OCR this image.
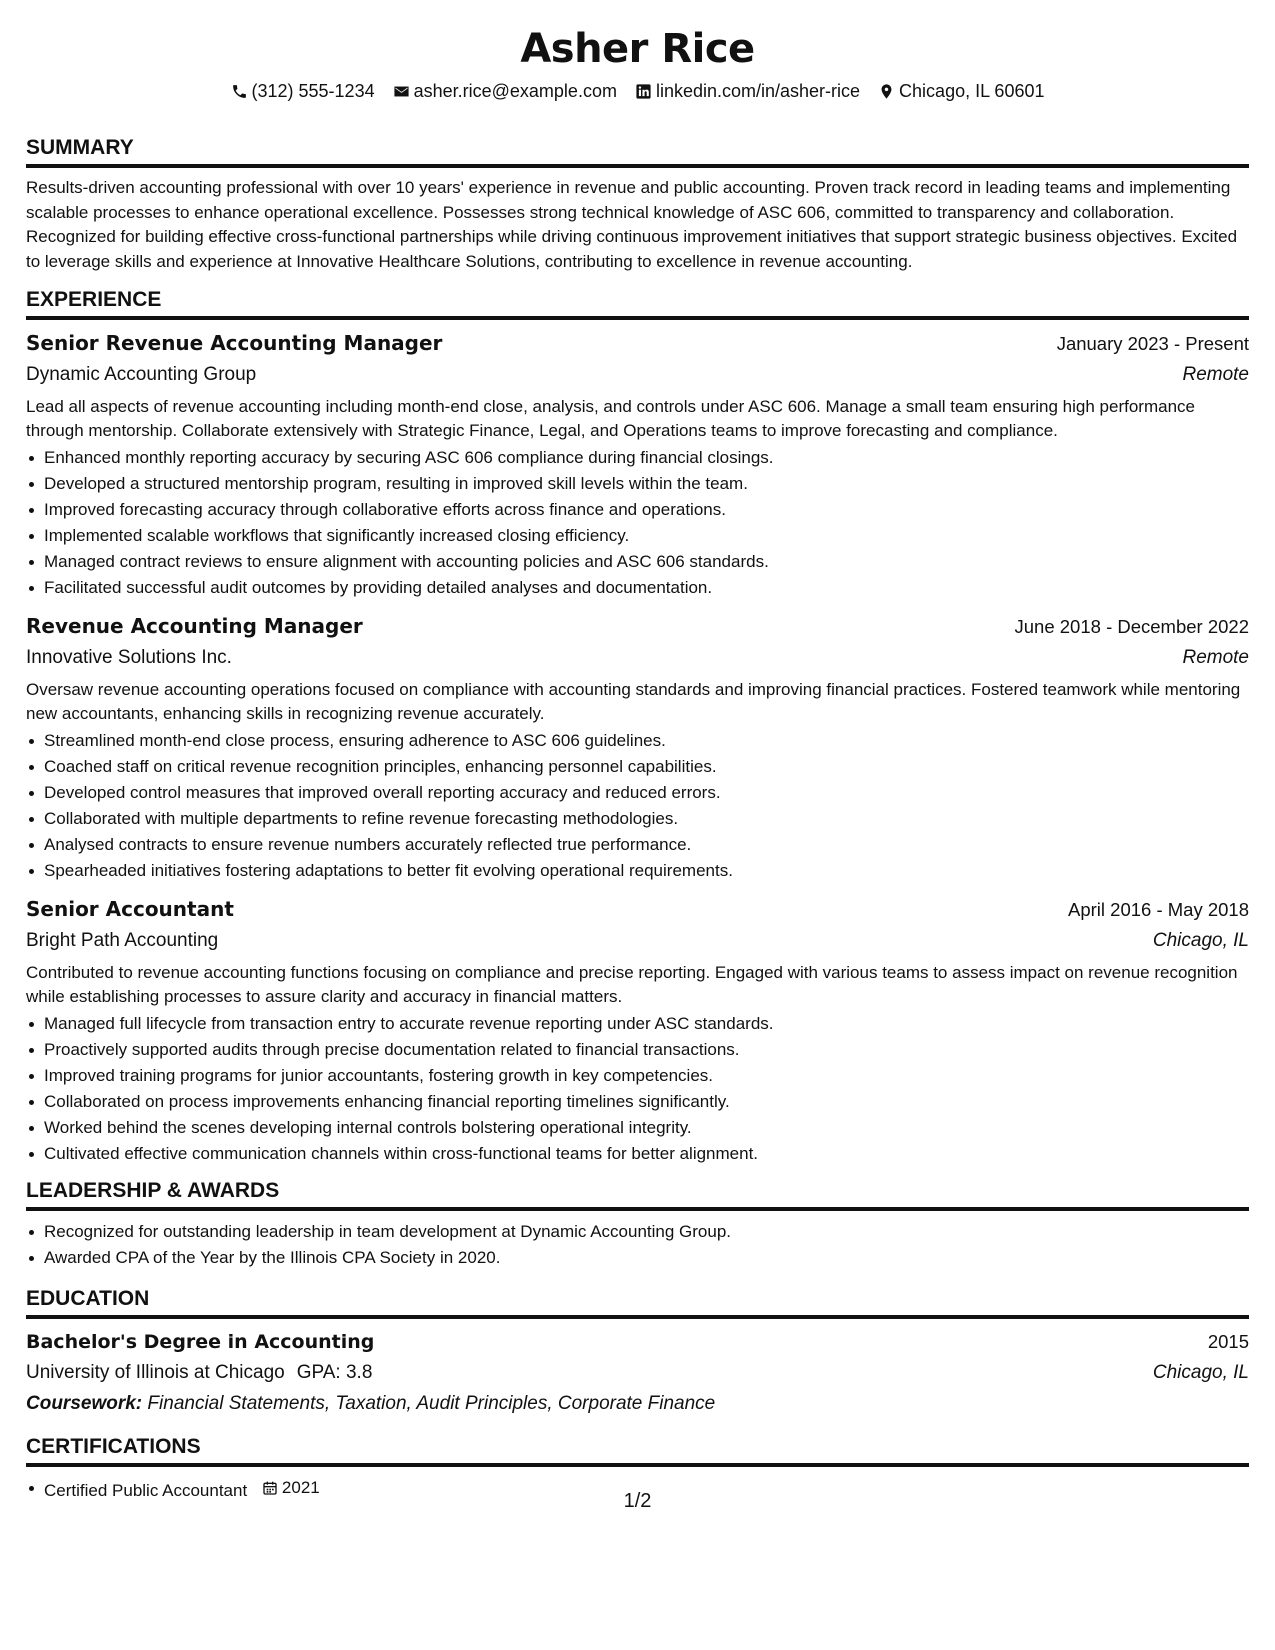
Asher Rice
(312) 555-1234 asher.rice@example.com linkedin.com/in/asher-rice Chicago, IL 60601
SUMMARY

Results-driven accounting professional with over 10 years' experience in revenue and public accounting. Proven track record in leading teams and implementing scalable processes to enhance operational excellence. Possesses strong technical knowledge of ASC 606, committed to transparency and collaboration. Recognized for building effective cross-functional partnerships while driving continuous improvement initiatives that support strategic business objectives. Excited to leverage skills and experience at Innovative Healthcare Solutions, contributing to excellence in revenue accounting.

EXPERIENCE
Senior Revenue Accounting Manager	January 2023 - Present
Dynamic Accounting Group	Remote
Lead all aspects of revenue accounting including month-end close, analysis, and controls under ASC 606. Manage a small team ensuring high performance through mentorship. Collaborate extensively with Strategic Finance, Legal, and Operations teams to improve forecasting and compliance.
Enhanced monthly reporting accuracy by securing ASC 606 compliance during financial closings.
Developed a structured mentorship program, resulting in improved skill levels within the team.
Improved forecasting accuracy through collaborative efforts across finance and operations.
Implemented scalable workflows that significantly increased closing efficiency.
Managed contract reviews to ensure alignment with accounting policies and ASC 606 standards.
Facilitated successful audit outcomes by providing detailed analyses and documentation.
Revenue Accounting Manager	June 2018 - December 2022
Innovative Solutions Inc.	Remote
Oversaw revenue accounting operations focused on compliance with accounting standards and improving financial practices. Fostered teamwork while mentoring new accountants, enhancing skills in recognizing revenue accurately.
Streamlined month-end close process, ensuring adherence to ASC 606 guidelines.
Coached staff on critical revenue recognition principles, enhancing personnel capabilities.
Developed control measures that improved overall reporting accuracy and reduced errors.
Collaborated with multiple departments to refine revenue forecasting methodologies.
Analysed contracts to ensure revenue numbers accurately reflected true performance.
Spearheaded initiatives fostering adaptations to better fit evolving operational requirements.
Senior Accountant	April 2016 - May 2018
Bright Path Accounting	Chicago, IL
Contributed to revenue accounting functions focusing on compliance and precise reporting. Engaged with various teams to assess impact on revenue recognition while establishing processes to assure clarity and accuracy in financial matters.
Managed full lifecycle from transaction entry to accurate revenue reporting under ASC standards.
Proactively supported audits through precise documentation related to financial transactions.
Improved training programs for junior accountants, fostering growth in key competencies.
Collaborated on process improvements enhancing financial reporting timelines significantly.
Worked behind the scenes developing internal controls bolstering operational integrity.
Cultivated effective communication channels within cross-functional teams for better alignment.
LEADERSHIP & AWARDS
Recognized for outstanding leadership in team development at Dynamic Accounting Group.
Awarded CPA of the Year by the Illinois CPA Society in 2020.
EDUCATION
Bachelor's Degree in Accounting	2015
University of Illinois at Chicago GPA: 3.8	Chicago, IL
Coursework: Financial Statements, Taxation, Audit Principles, Corporate Finance
CERTIFICATIONS
Certified Public Accountant 2021
1/2
